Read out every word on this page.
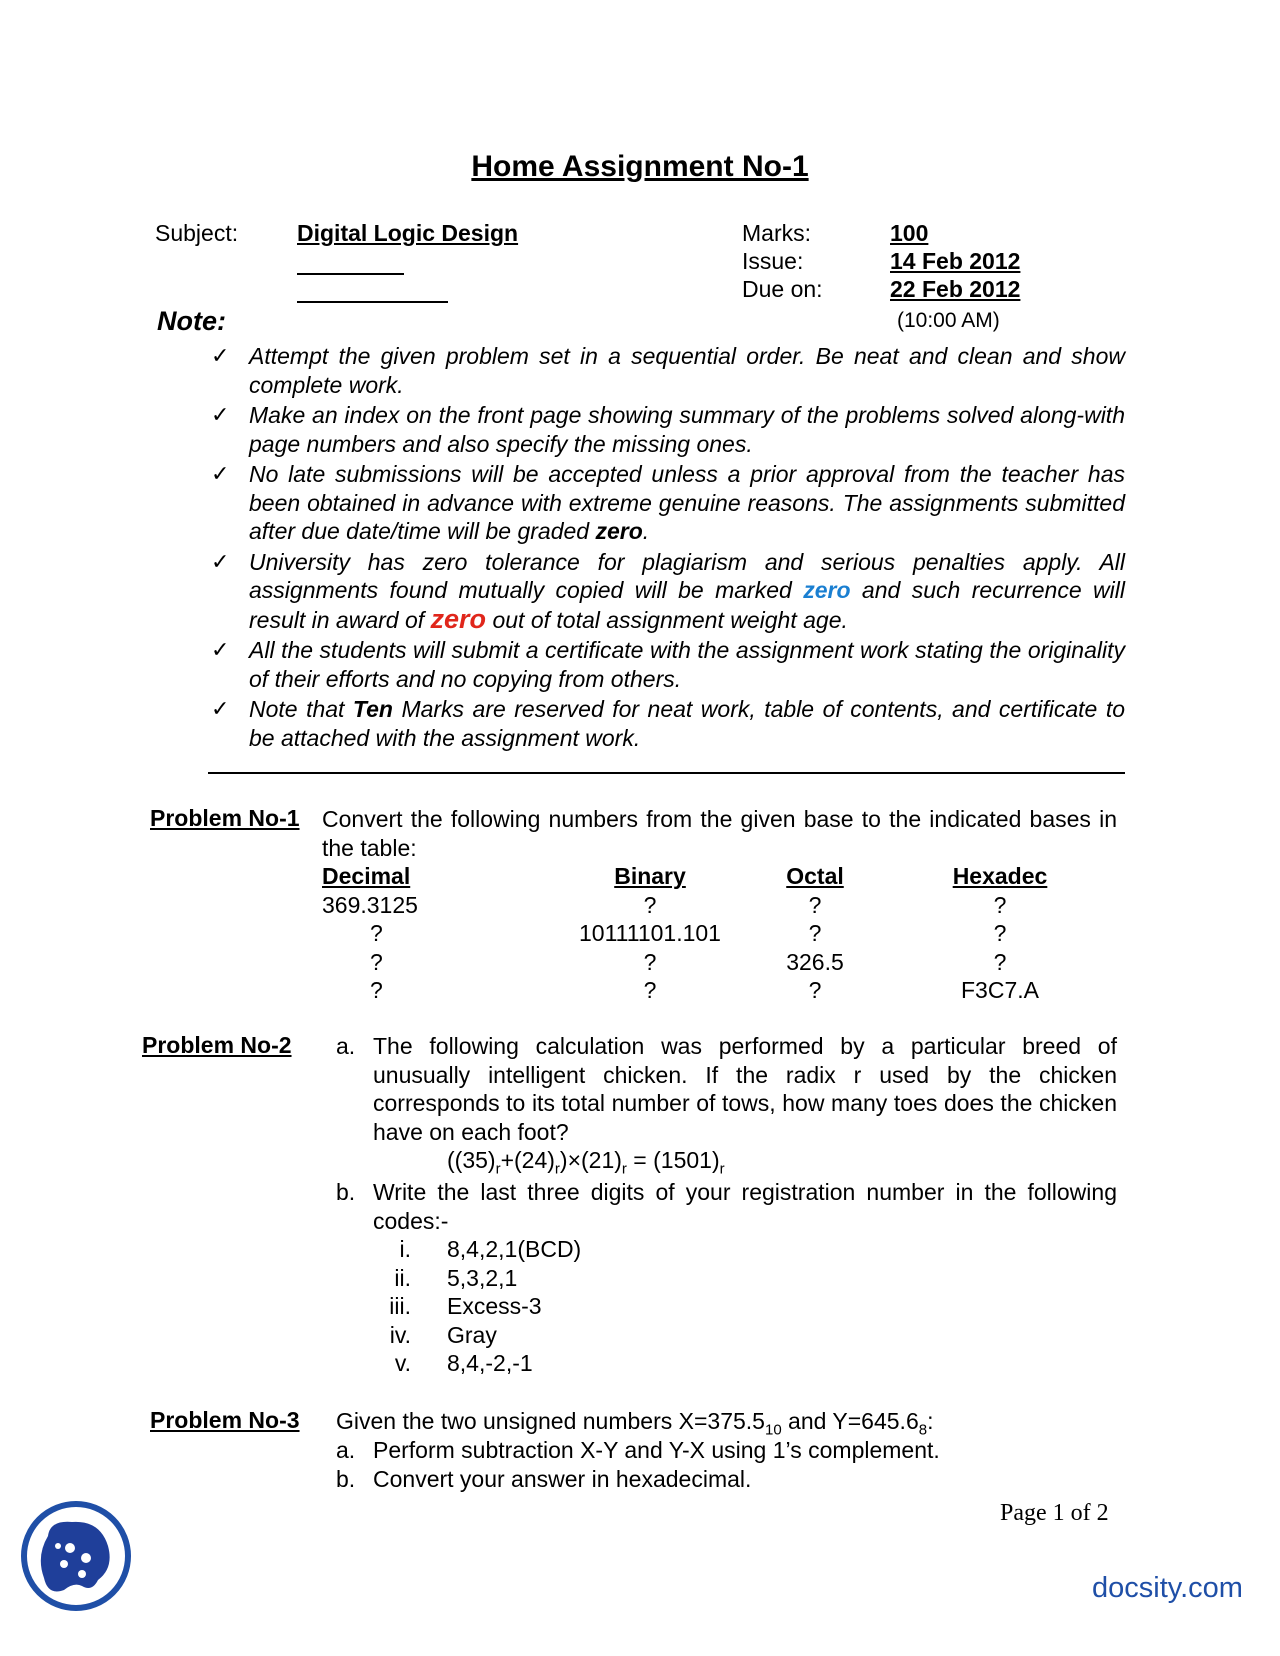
Home Assignment No-1
Subject:	Digital Logic Design	Marks:	100
Issue:	14 Feb 2012
Due on:	22 Feb 2012
(10:00 AM)
Note:
✓ Attempt the given problem set in a sequential order. Be neat and clean and show complete work.
✓ Make an index on the front page showing summary of the problems solved along-with page numbers and also specify the missing ones.
✓ No late submissions will be accepted unless a prior approval from the teacher has been obtained in advance with extreme genuine reasons. The assignments submitted after due date/time will be graded zero.
✓ University has zero tolerance for plagiarism and serious penalties apply. All assignments found mutually copied will be marked zero and such recurrence will result in award of zero out of total assignment weight age.
✓ All the students will submit a certificate with the assignment work stating the originality of their efforts and no copying from others.
✓ Note that Ten Marks are reserved for neat work, table of contents, and certificate to be attached with the assignment work.
Problem No-1 Convert the following numbers from the given base to the indicated bases in the table:
Decimal	Binary	Octal	Hexadec
369.3125	?	?	?
?	10111101.101	?	?
?	?	326.5	?
?	?	?	F3C7.A
Problem No-2 a. The following calculation was performed by a particular breed of unusually intelligent chicken. If the radix r used by the chicken corresponds to its total number of tows, how many toes does the chicken have on each foot?
$((35)_r+(24)_r)\times(21)_r = (1501)_r$
b. Write the last three digits of your registration number in the following codes:-
i. 8,4,2,1(BCD)
ii. 5,3,2,1
iii. Excess-3
iv. Gray
v. 8,4,-2,-1
Problem No-3 Given the two unsigned numbers $X=375.5_{10}$ and $Y=645.6_8$:
a. Perform subtraction X-Y and Y-X using 1’s complement.
b. Convert your answer in hexadecimal.
Page 1 of 2
docsity.com
